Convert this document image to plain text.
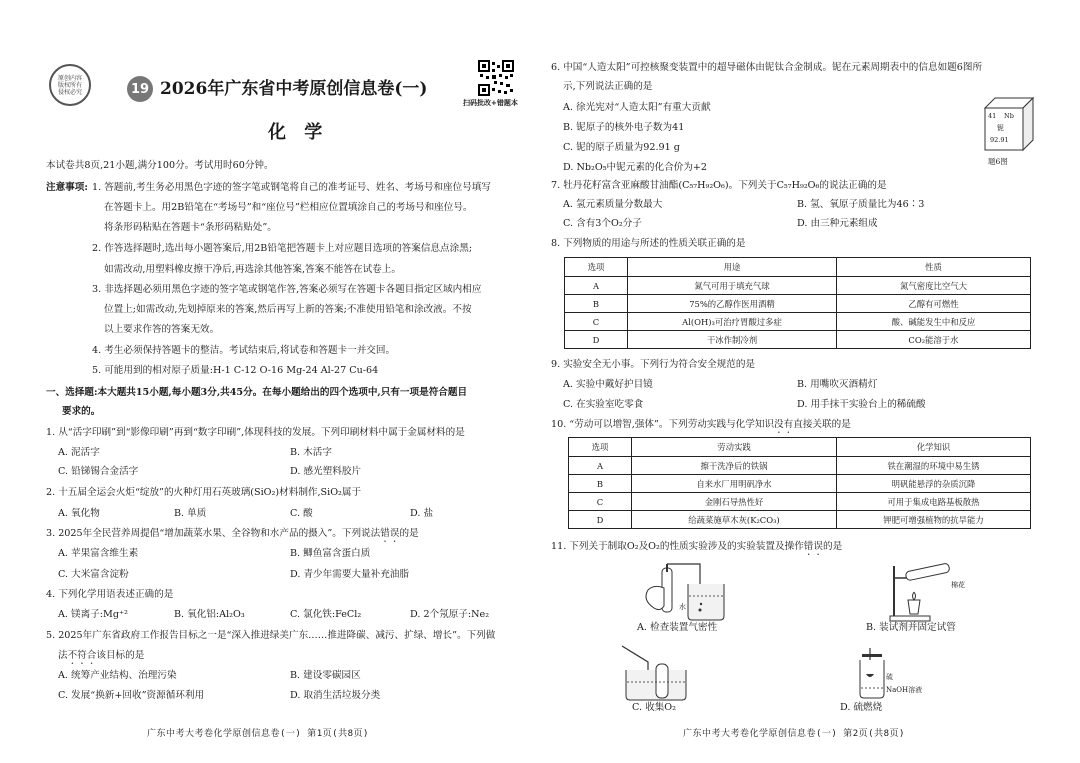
原创内容
版权所有
侵权必究	19 2026年广东省中考原创信息卷(一)
扫码批改+错题本
化 学
本试卷共8页,21小题,满分100分。考试用时60分钟。
注意事项: 1. 答题前,考生务必用黑色字迹的签字笔或钢笔将自己的准考证号、姓名、考场号和座位号填写
在答题卡上。用2B铅笔在“考场号”和“座位号”栏相应位置填涂自己的考场号和座位号。
将条形码粘贴在答题卡“条形码粘贴处”。
2. 作答选择题时,选出每小题答案后,用2B铅笔把答题卡上对应题目选项的答案信息点涂黑;
如需改动,用塑料橡皮擦干净后,再选涂其他答案,答案不能答在试卷上。
3. 非选择题必须用黑色字迹的签字笔或钢笔作答,答案必须写在答题卡各题目指定区域内相应
位置上;如需改动,先划掉原来的答案,然后再写上新的答案;不准使用铅笔和涂改液。不按
以上要求作答的答案无效。
4. 考生必须保持答题卡的整洁。考试结束后,将试卷和答题卡一并交回。
5. 可能用到的相对原子质量:H-1 C-12 O-16 Mg-24 Al-27 Cu-64
一、选择题:本大题共15小题,每小题3分,共45分。在每小题给出的四个选项中,只有一项是符合题目
要求的。
1. 从“活字印刷”到“影像印刷”再到“数字印刷”,体现科技的发展。下列印刷材料中属于金属材料的是
A. 泥活字	B. 木活字
C. 铅锑锡合金活字	D. 感光塑料胶片
2. 十五届全运会火炬“绽放”的火种灯用石英玻璃(SiO₂)材料制作,SiO₂属于
A. 氧化物	B. 单质	C. 酸	D. 盐
3. 2025年全民营养周提倡“增加蔬菜水果、全谷物和水产品的摄入”。下列说法错误的是
A. 苹果富含维生素	B. 鲫鱼富含蛋白质
C. 大米富含淀粉	D. 青少年需要大量补充油脂
4. 下列化学用语表述正确的是
A. 镁离子:Mg⁺²	B. 氧化铝:Al₂O₃	C. 氯化铁:FeCl₂	D. 2个氖原子:Ne₂
5. 2025年广东省政府工作报告目标之一是“深入推进绿美广东……推进降碳、减污、扩绿、增长”。下列做
法不符合该目标的是
A. 统筹产业结构、治理污染	B. 建设零碳园区
C. 发展“换新+回收”资源循环利用	D. 取消生活垃圾分类
广东中考大考卷化学原创信息卷(一) 第1页(共8页)
6. 中国“人造太阳”可控核聚变装置中的超导磁体由铌钛合金制成。铌在元素周期表中的信息如题6图所
示,下列说法正确的是
A. 徐光宪对“人造太阳”有重大贡献
B. 铌原子的核外电子数为41
C. 铌的原子质量为92.91 g
D. Nb₂O₅中铌元素的化合价为+2
41 Nb
铌
92.91
题6图
7. 牡丹花籽富含亚麻酸甘油酯(C₅₇H₉₂O₆)。下列关于C₅₇H₉₂O₆的说法正确的是
A. 氢元素质量分数最大	B. 氢、氧原子质量比为46∶3
C. 含有3个O₂分子	D. 由三种元素组成
8. 下列物质的用途与所述的性质关联正确的是
选项	用途	性质
A	氮气可用于填充气球	氮气密度比空气大
B	75%的乙醇作医用酒精	乙醇有可燃性
C	Al(OH)₃可治疗胃酸过多症	酸、碱能发生中和反应
D	干冰作制冷剂	CO₂能溶于水
9. 实验安全无小事。下列行为符合安全规范的是
A. 实验中戴好护目镜	B. 用嘴吹灭酒精灯
C. 在实验室吃零食	D. 用手抹干实验台上的稀硫酸
10. “劳动可以增智,强体”。下列劳动实践与化学知识没有直接关联的是
选项	劳动实践	化学知识
A	擦干洗净后的铁锅	铁在潮湿的环境中易生锈
B	自来水厂用明矾净水	明矾能悬浮的杂质沉降
C	金刚石导热性好	可用于集成电路基板散热
D	给蔬菜施草木灰(K₂CO₃)	钾肥可增强植物的抗旱能力
11. 下列关于制取O₂及O₂的性质实验涉及的实验装置及操作错误的是
水
A. 检查装置气密性
棉花
B. 装试剂并固定试管
C. 收集O₂
硫
NaOH溶液
D. 硫燃烧
广东中考大考卷化学原创信息卷(一) 第2页(共8页)
